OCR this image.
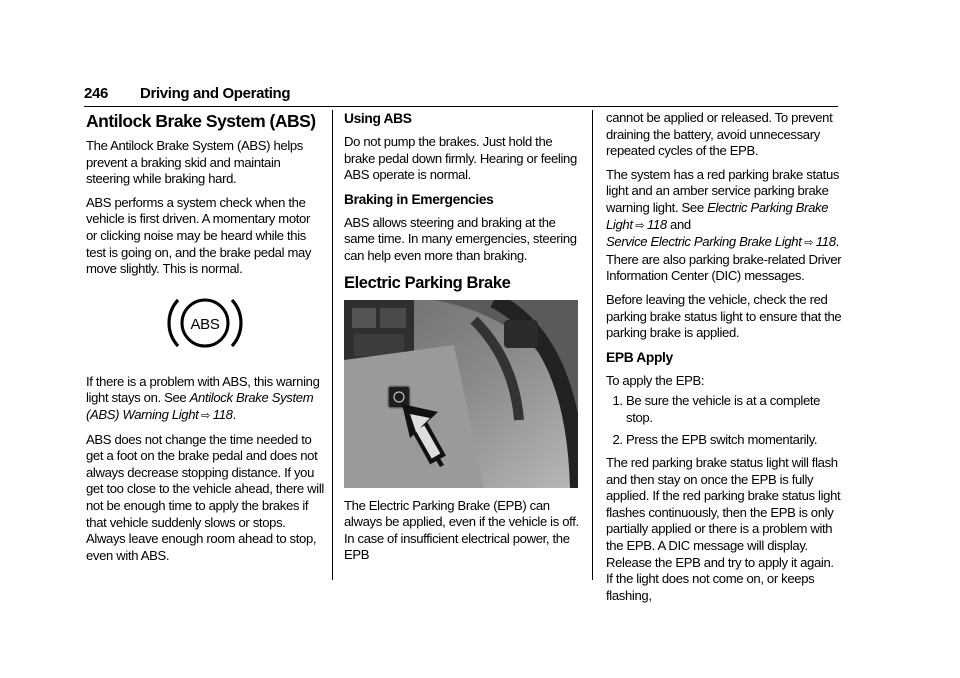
246 Driving and Operating
Antilock Brake System (ABS)

The Antilock Brake System (ABS) helps prevent a braking skid and maintain steering while braking hard.

ABS performs a system check when the vehicle is first driven. A momentary motor or clicking noise may be heard while this test is going on, and the brake pedal may move slightly. This is normal.

ABS

If there is a problem with ABS, this warning light stays on. See Antilock Brake System (ABS) Warning Light ⇨ 118.

ABS does not change the time needed to get a foot on the brake pedal and does not always decrease stopping distance. If you get too close to the vehicle ahead, there will not be enough time to apply the brakes if that vehicle suddenly slows or stops. Always leave enough room ahead to stop, even with ABS.

Using ABS

Do not pump the brakes. Just hold the brake pedal down firmly. Hearing or feeling ABS operate is normal.

Braking in Emergencies

ABS allows steering and braking at the same time. In many emergencies, steering can help even more than braking.

Electric Parking Brake

The Electric Parking Brake (EPB) can always be applied, even if the vehicle is off. In case of insufficient electrical power, the EPB

cannot be applied or released. To prevent draining the battery, avoid unnecessary repeated cycles of the EPB.

The system has a red parking brake status light and an amber service parking brake warning light. See Electric Parking Brake Light ⇨ 118 and
Service Electric Parking Brake Light ⇨ 118. There are also parking brake-related Driver Information Center (DIC) messages.

Before leaving the vehicle, check the red parking brake status light to ensure that the parking brake is applied.

EPB Apply

To apply the EPB:

1. Be sure the vehicle is at a complete stop.
2. Press the EPB switch momentarily.

The red parking brake status light will flash and then stay on once the EPB is fully applied. If the red parking brake status light flashes continuously, then the EPB is only partially applied or there is a problem with the EPB. A DIC message will display. Release the EPB and try to apply it again. If the light does not come on, or keeps flashing,
